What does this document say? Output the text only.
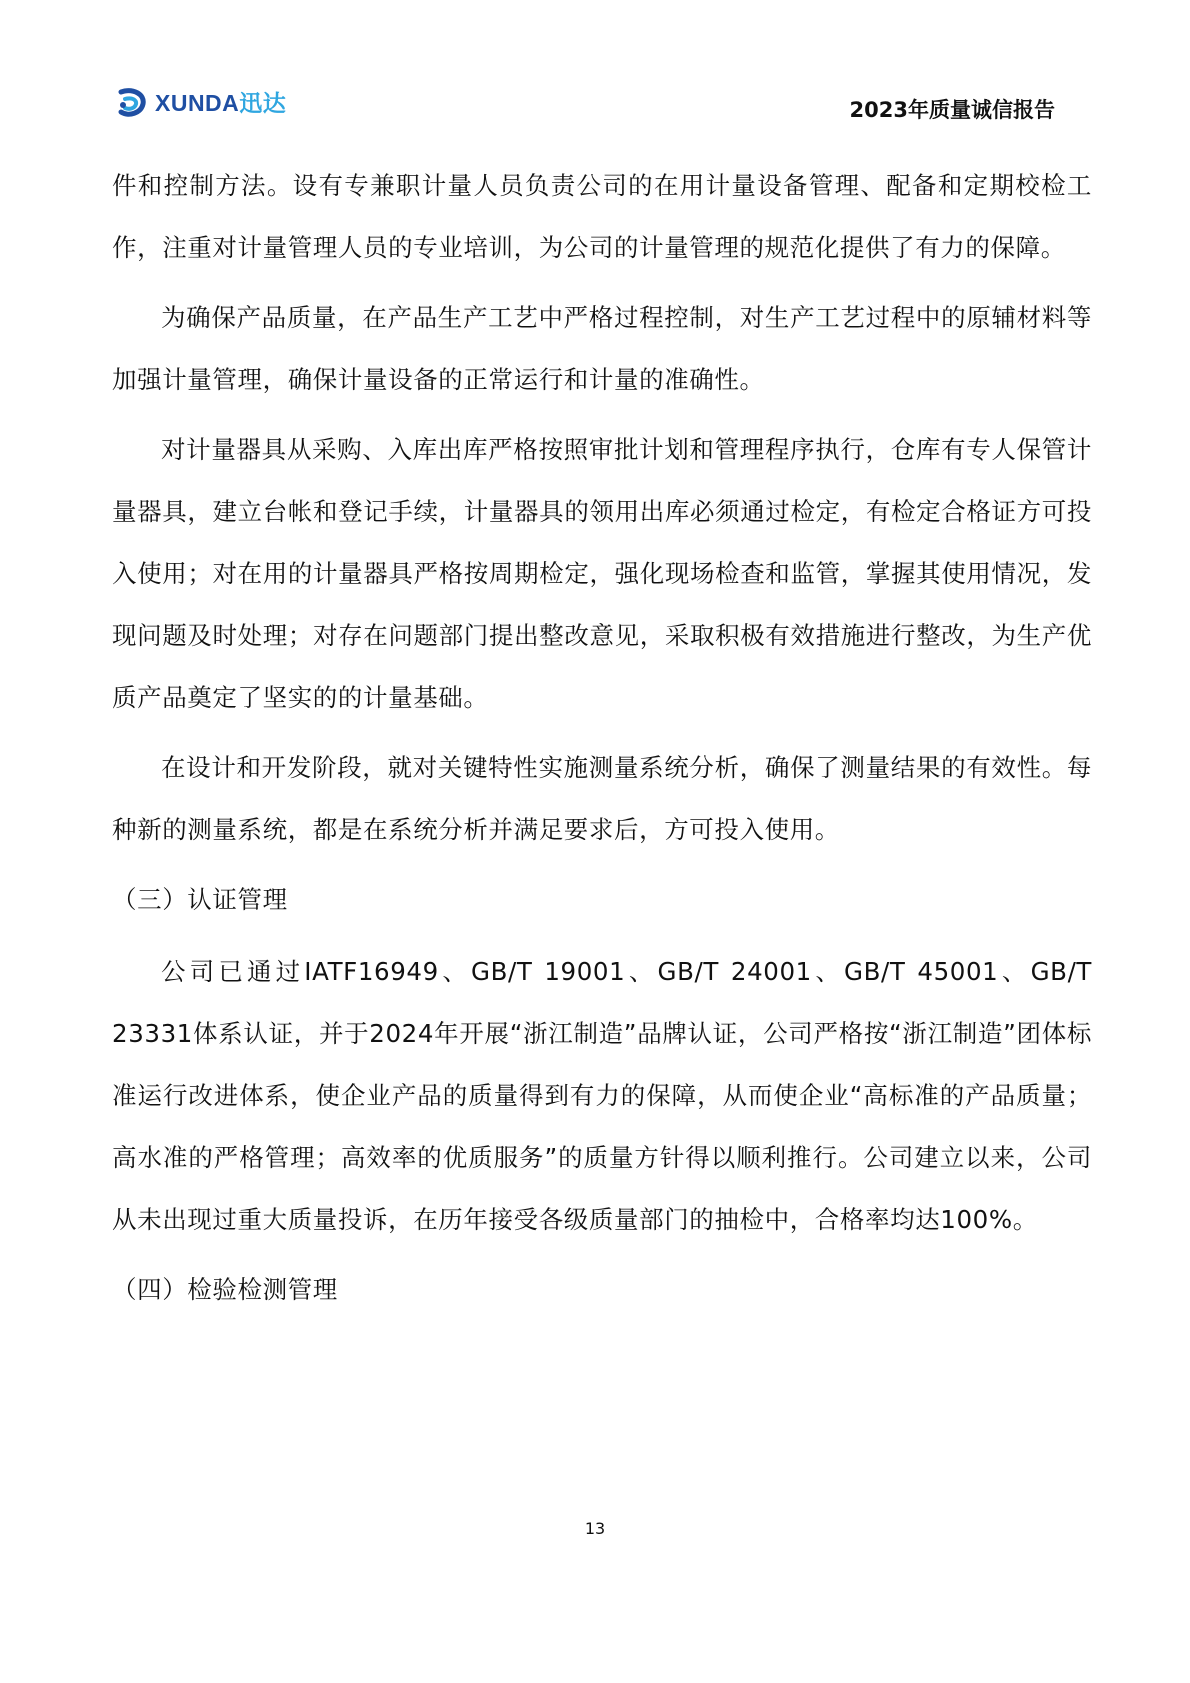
XUNDA迅达	2023年质量诚信报告

件和控制方法。设有专兼职计量人员负责公司的在用计量设备管理、配备和定期校检工作，注重对计量管理人员的专业培训，为公司的计量管理的规范化提供了有力的保障。

为确保产品质量，在产品生产工艺中严格过程控制，对生产工艺过程中的原辅材料等加强计量管理，确保计量设备的正常运行和计量的准确性。

对计量器具从采购、入库出库严格按照审批计划和管理程序执行，仓库有专人保管计量器具，建立台帐和登记手续，计量器具的领用出库必须通过检定，有检定合格证方可投入使用；对在用的计量器具严格按周期检定，强化现场检查和监管，掌握其使用情况，发现问题及时处理；对存在问题部门提出整改意见，采取积极有效措施进行整改，为生产优质产品奠定了坚实的的计量基础。

在设计和开发阶段，就对关键特性实施测量系统分析，确保了测量结果的有效性。每种新的测量系统，都是在系统分析并满足要求后，方可投入使用。

（三）认证管理

公司已通过IATF16949、GB/T 19001、GB/T 24001、GB/T 45001、GB/T 23331体系认证，并于2024年开展“浙江制造”品牌认证，公司严格按“浙江制造”团体标准运行改进体系，使企业产品的质量得到有力的保障，从而使企业“高标准的产品质量；高水准的严格管理；高效率的优质服务”的质量方针得以顺利推行。公司建立以来，公司从未出现过重大质量投诉，在历年接受各级质量部门的抽检中，合格率均达100%。

（四）检验检测管理
13
